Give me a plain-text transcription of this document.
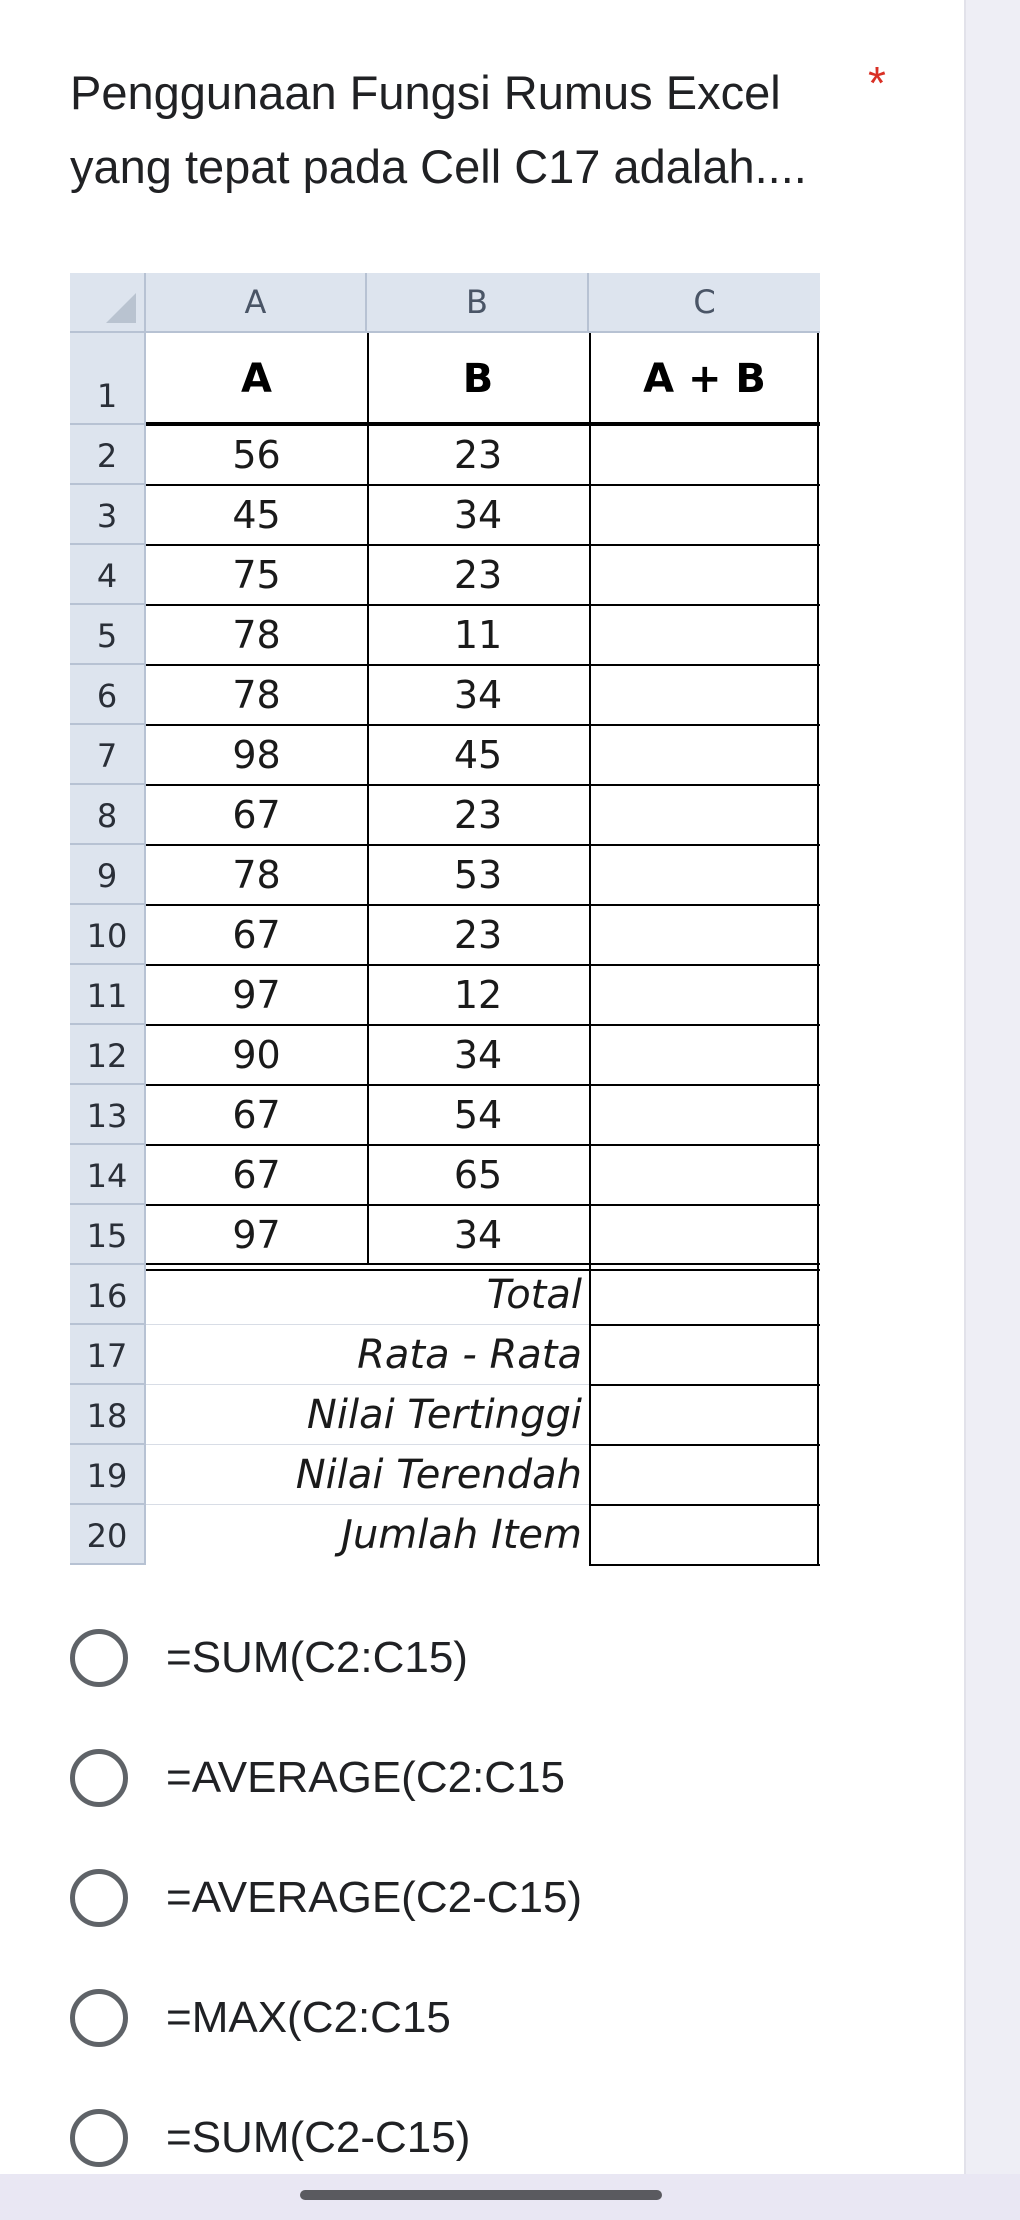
Penggunaan Fungsi Rumus Excel yang tepat pada Cell C17 adalah....
*
A	B	C
1	A	B	A + B
2	56	23
3	45	34
4	75	23
5	78	11
6	78	34
7	98	45
8	67	23
9	78	53
10	67	23
11	97	12
12	90	34
13	67	54
14	67	65
15	97	34
16	Total
17	Rata - Rata
18	Nilai Tertinggi
19	Nilai Terendah
20	Jumlah Item
=SUM(C2:C15)
=AVERAGE(C2:C15
=AVERAGE(C2-C15)
=MAX(C2:C15
=SUM(C2-C15)
